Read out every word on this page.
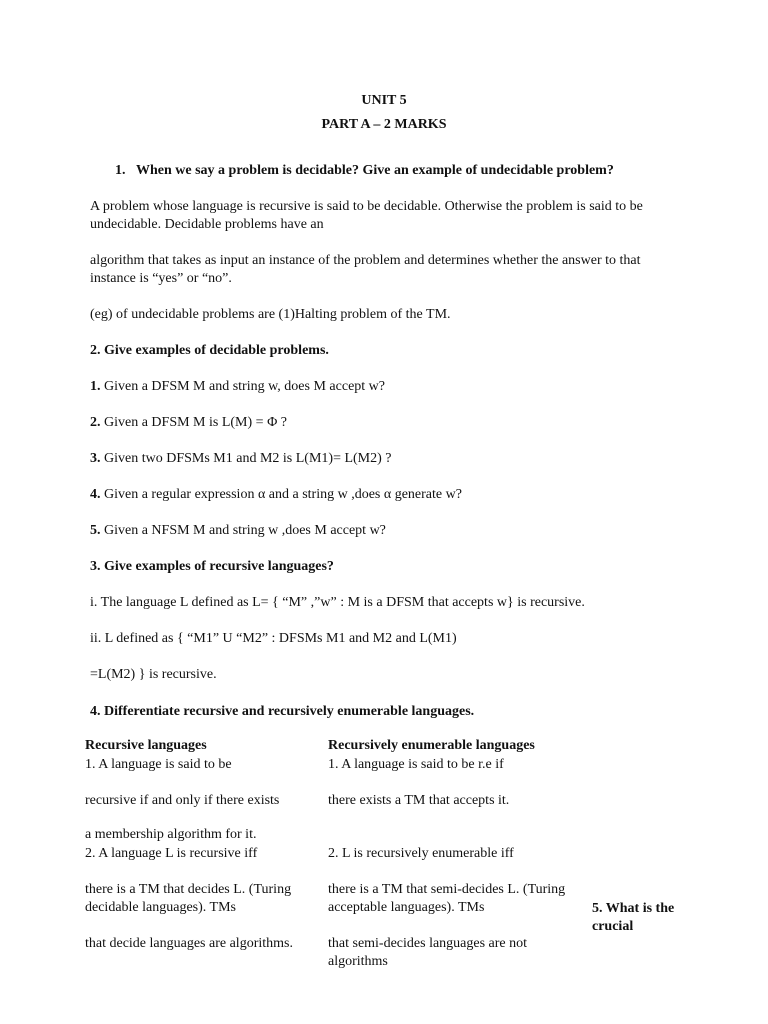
UNIT 5
PART A – 2 MARKS
1. When we say a problem is decidable? Give an example of undecidable problem?

A problem whose language is recursive is said to be decidable. Otherwise the problem is said to be undecidable. Decidable problems have an

algorithm that takes as input an instance of the problem and determines whether the answer to that instance is “yes” or “no”.

(eg) of undecidable problems are (1)Halting problem of the TM.

2. Give examples of decidable problems.
1. Given a DFSM M and string w, does M accept w?
2. Given a DFSM M is L(M) = Φ ?
3. Given two DFSMs M1 and M2 is L(M1)= L(M2) ?
4. Given a regular expression α and a string w ,does α generate w?
5. Given a NFSM M and string w ,does M accept w?
3. Give examples of recursive languages?
i. The language L defined as L= { “M” ,”w” : M is a DFSM that accepts w} is recursive.
ii. L defined as { “M1” U “M2” : DFSMs M1 and M2 and L(M1)
=L(M2) } is recursive.
4. Differentiate recursive and recursively enumerable languages.
Recursive languages	Recursively enumerable languages
1. A language is said to be
recursive if and only if there exists
a membership algorithm for it.
2. A language L is recursive iff
there is a TM that decides L. (Turing decidable languages). TMs
that decide languages are algorithms.
1. A language is said to be r.e if
there exists a TM that accepts it.
2. L is recursively enumerable iff
there is a TM that semi-decides L. (Turing acceptable languages). TMs
that semi-decides languages are not algorithms
5. What is the crucial
